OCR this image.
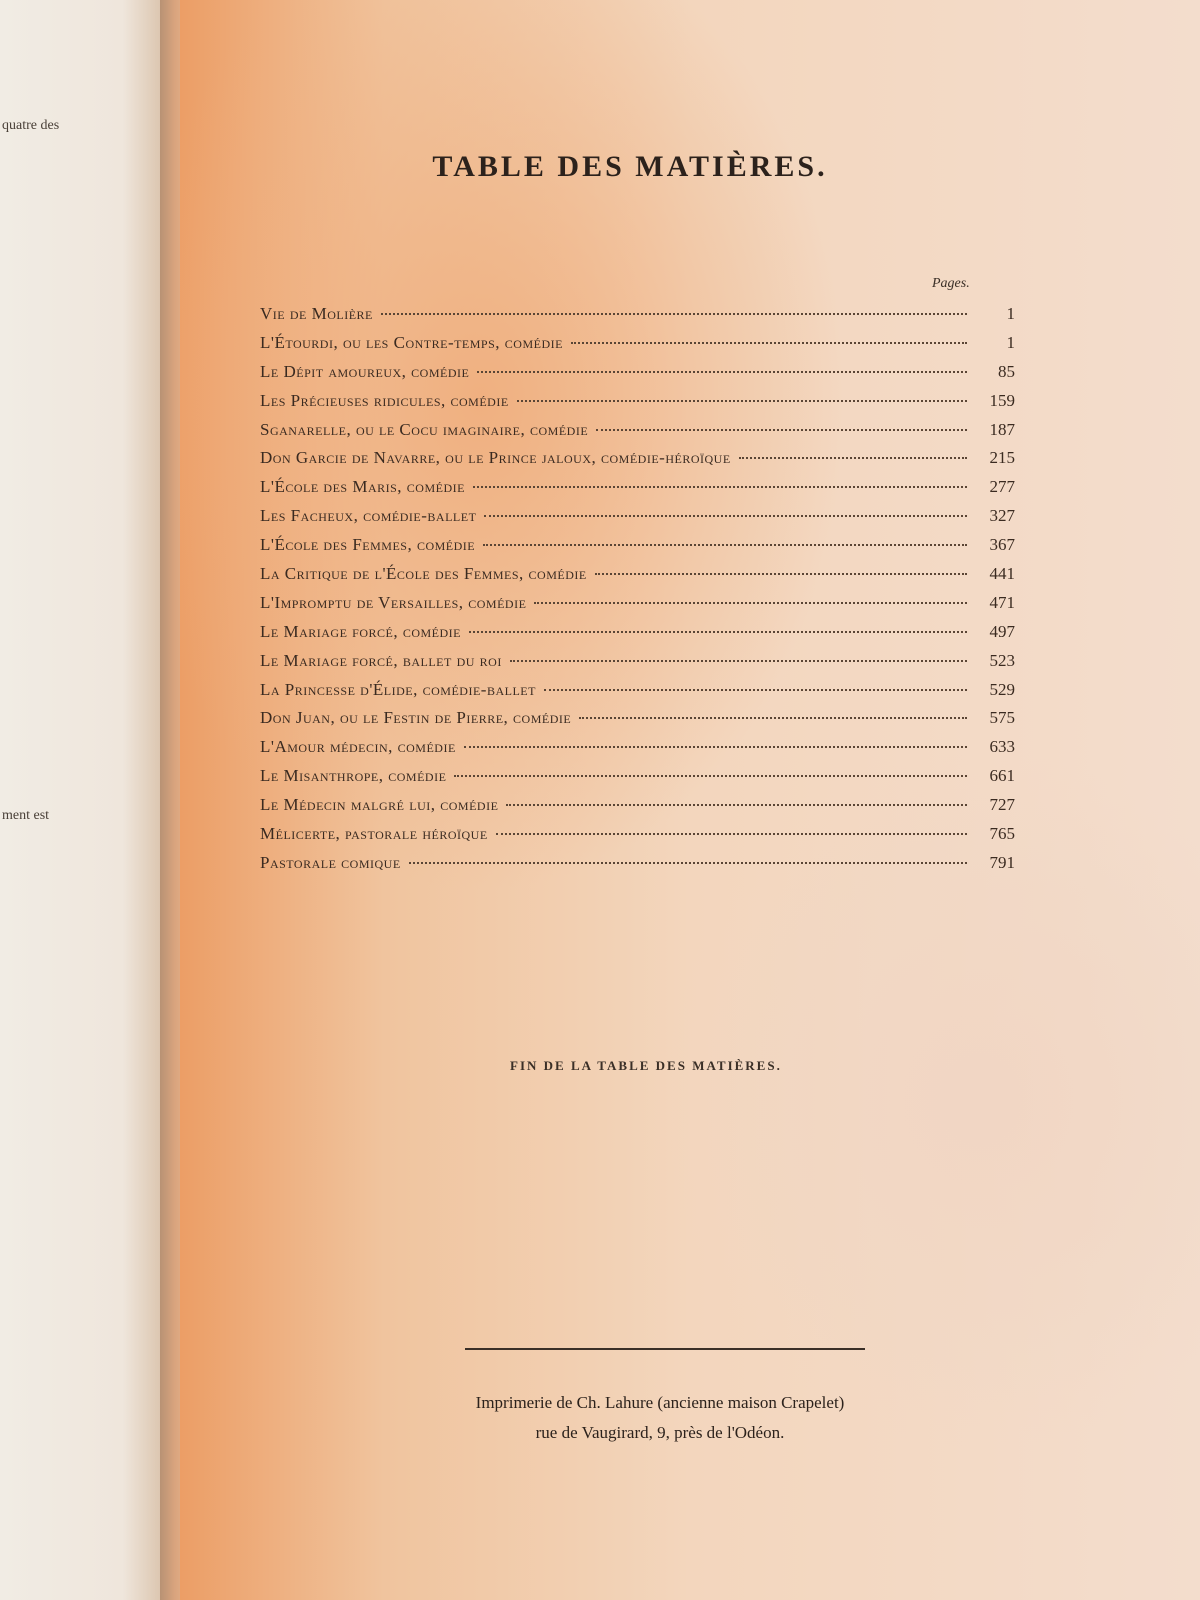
quatre des
ment est
TABLE DES MATIÈRES.
Pages.
Vie de Molière	1
L'Étourdi, ou les Contre-temps, comédie	1
Le Dépit amoureux, comédie	85
Les Précieuses ridicules, comédie	159
Sganarelle, ou le Cocu imaginaire, comédie	187
Don Garcie de Navarre, ou le Prince jaloux, comédie-héroïque	215
L'École des Maris, comédie	277
Les Facheux, comédie-ballet	327
L'École des Femmes, comédie	367
La Critique de l'École des Femmes, comédie	441
L'Impromptu de Versailles, comédie	471
Le Mariage forcé, comédie	497
Le Mariage forcé, ballet du roi	523
La Princesse d'Élide, comédie-ballet	529
Don Juan, ou le Festin de Pierre, comédie	575
L'Amour médecin, comédie	633
Le Misanthrope, comédie	661
Le Médecin malgré lui, comédie	727
Mélicerte, pastorale héroïque	765
Pastorale comique	791
FIN DE LA TABLE DES MATIÈRES.
Imprimerie de Ch. Lahure (ancienne maison Crapelet)
rue de Vaugirard, 9, près de l'Odéon.
